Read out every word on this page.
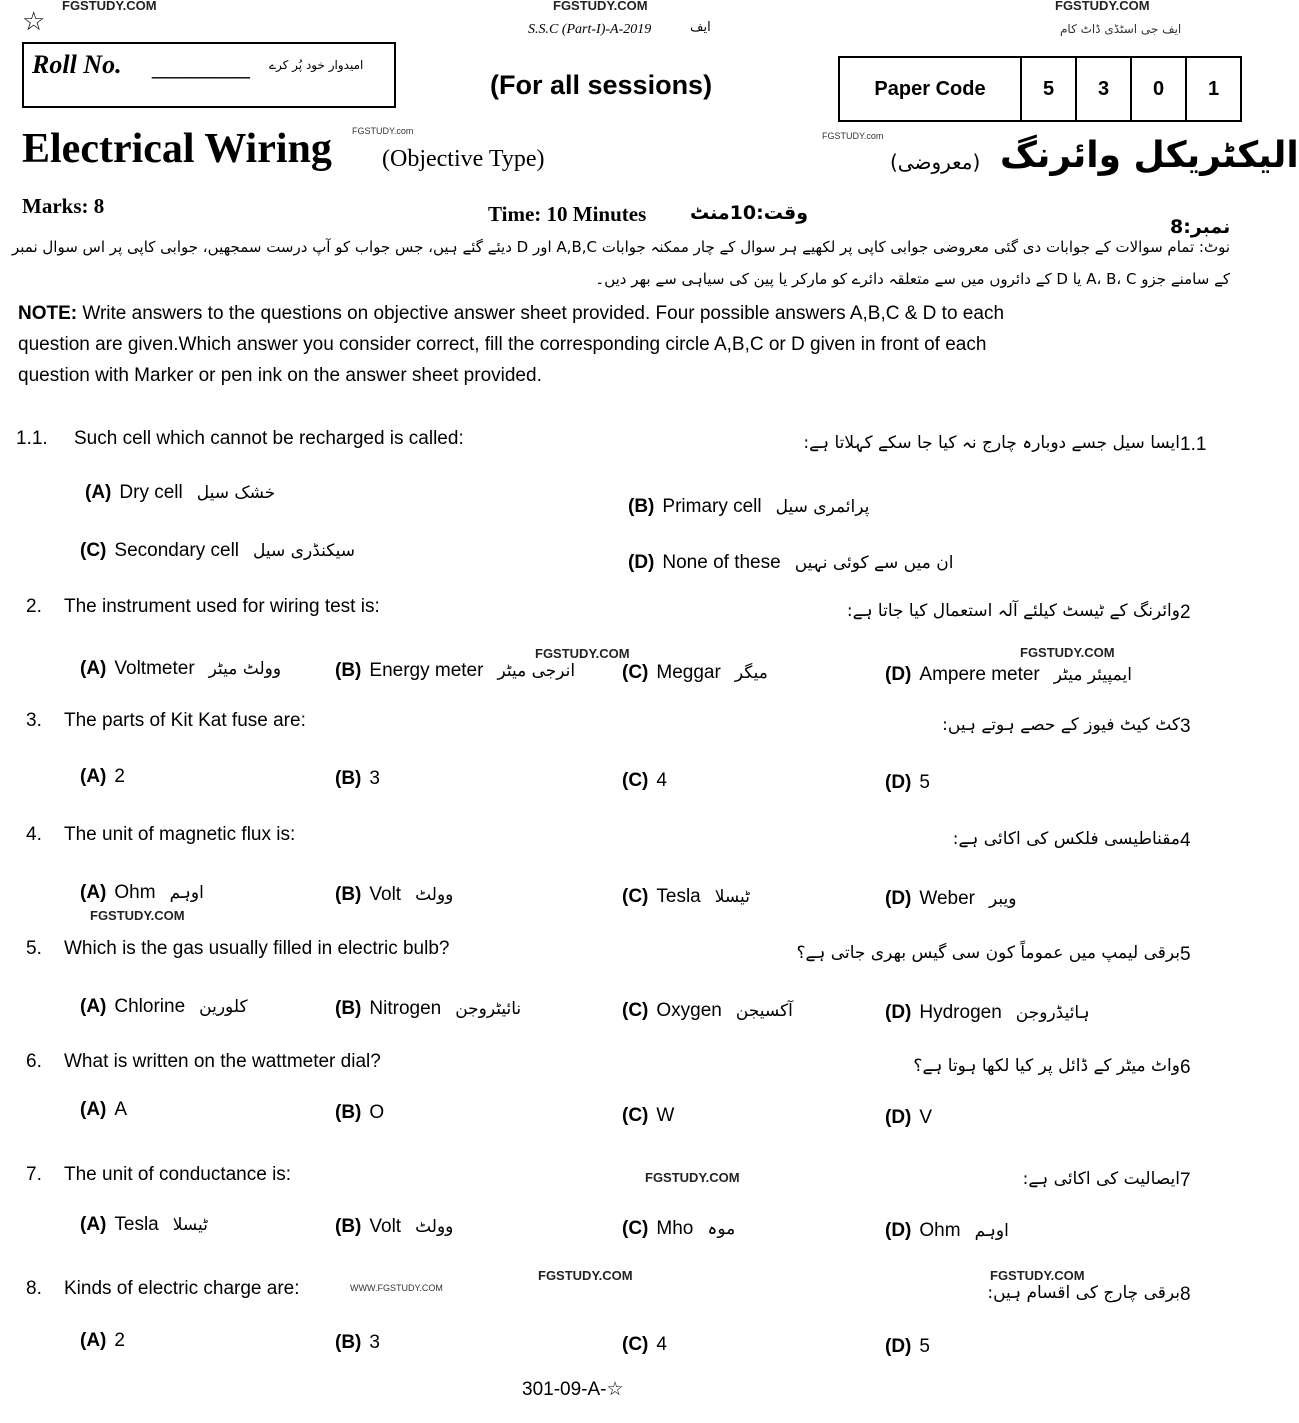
FGSTUDY.COM	FGSTUDY.COM	FGSTUDY.COM
☆	S.S.C (Part-I)-A-2019	ایف	ایف جی اسٹڈی ڈاٹ کام
Roll No. ________ امیدوار خود پُر کرے
(For all sessions)	Paper Code	5	3	0	1
Electrical Wiring (Objective Type)
FGSTUDY.com	FGSTUDY.com	الیکٹریکل وائرنگ
(معروضی)
Marks: 8	Time: 10 Minutes وقت:10منٹ
نمبر:8
نوٹ: تمام سوالات کے جوابات دی گئی معروضی جوابی کاپی پر لکھیے ہر سوال کے چار ممکنہ جوابات A,B,C اور D دیئے گئے ہیں، جس جواب کو آپ درست سمجھیں، جوابی کاپی پر اس سوال نمبر
کے سامنے جزو A، B، C یا D کے دائروں میں سے متعلقہ دائرے کو مارکر یا پین کی سیاہی سے بھر دیں۔
NOTE: Write answers to the questions on objective answer sheet provided. Four possible answers A,B,C & D to each
question are given.Which answer you consider correct, fill the corresponding circle A,B,C or D given in front of each
question with Marker or pen ink on the answer sheet provided.
1.1. Such cell which cannot be recharged is called:	ایسا سیل جسے دوبارہ چارج نہ کیا جا سکے کہلاتا ہے: 1.1
(A) Dry cell خشک سیل
(B) Primary cell پرائمری سیل
(C) Secondary cell سیکنڈری سیل
(D) None of these ان میں سے کوئی نہیں
2. The instrument used for wiring test is:	وائرنگ کے ٹیسٹ کیلئے آلہ استعمال کیا جاتا ہے: 2
(A) Voltmeter وولٹ میٹر	(B) Energy meter انرجی میٹر (C) Meggar میگر	(D) Ampere meter ایمپیئر میٹر
3. The parts of Kit Kat fuse are:	کٹ کیٹ فیوز کے حصے ہوتے ہیں: 3
(A) 2	(B) 3	(C) 4	(D) 5
4. The unit of magnetic flux is:	مقناطیسی فلکس کی اکائی ہے: 4
(A) Ohm اوہم	(B) Volt وولٹ	(C) Tesla ٹیسلا	(D) Weber ویبر
5. Which is the gas usually filled in electric bulb?	برقی لیمپ میں عموماً کون سی گیس بھری جاتی ہے؟ 5
(A) Chlorine کلورین	(B) Nitrogen نائیٹروجن	(C) Oxygen آکسیجن	(D) Hydrogen ہائیڈروجن
6. What is written on the wattmeter dial?	واٹ میٹر کے ڈائل پر کیا لکھا ہوتا ہے؟ 6
(A) A	(B) O	(C) W	(D) V
7. The unit of conductance is:	ایصالیت کی اکائی ہے: 7
(A) Tesla ٹیسلا	(B) Volt وولٹ	(C) Mho موہ	(D) Ohm اوہم
8. Kinds of electric charge are:	برقی چارج کی اقسام ہیں: 8
(A) 2	(B) 3	(C) 4	(D) 5
FGSTUDY.COM
FGSTUDY.COM	FGSTUDY.COM
FGSTUDY.COM	FGSTUDY.COM
FGSTUDY.COM
WWW.FGSTUDY.COM
301-09-A-☆
